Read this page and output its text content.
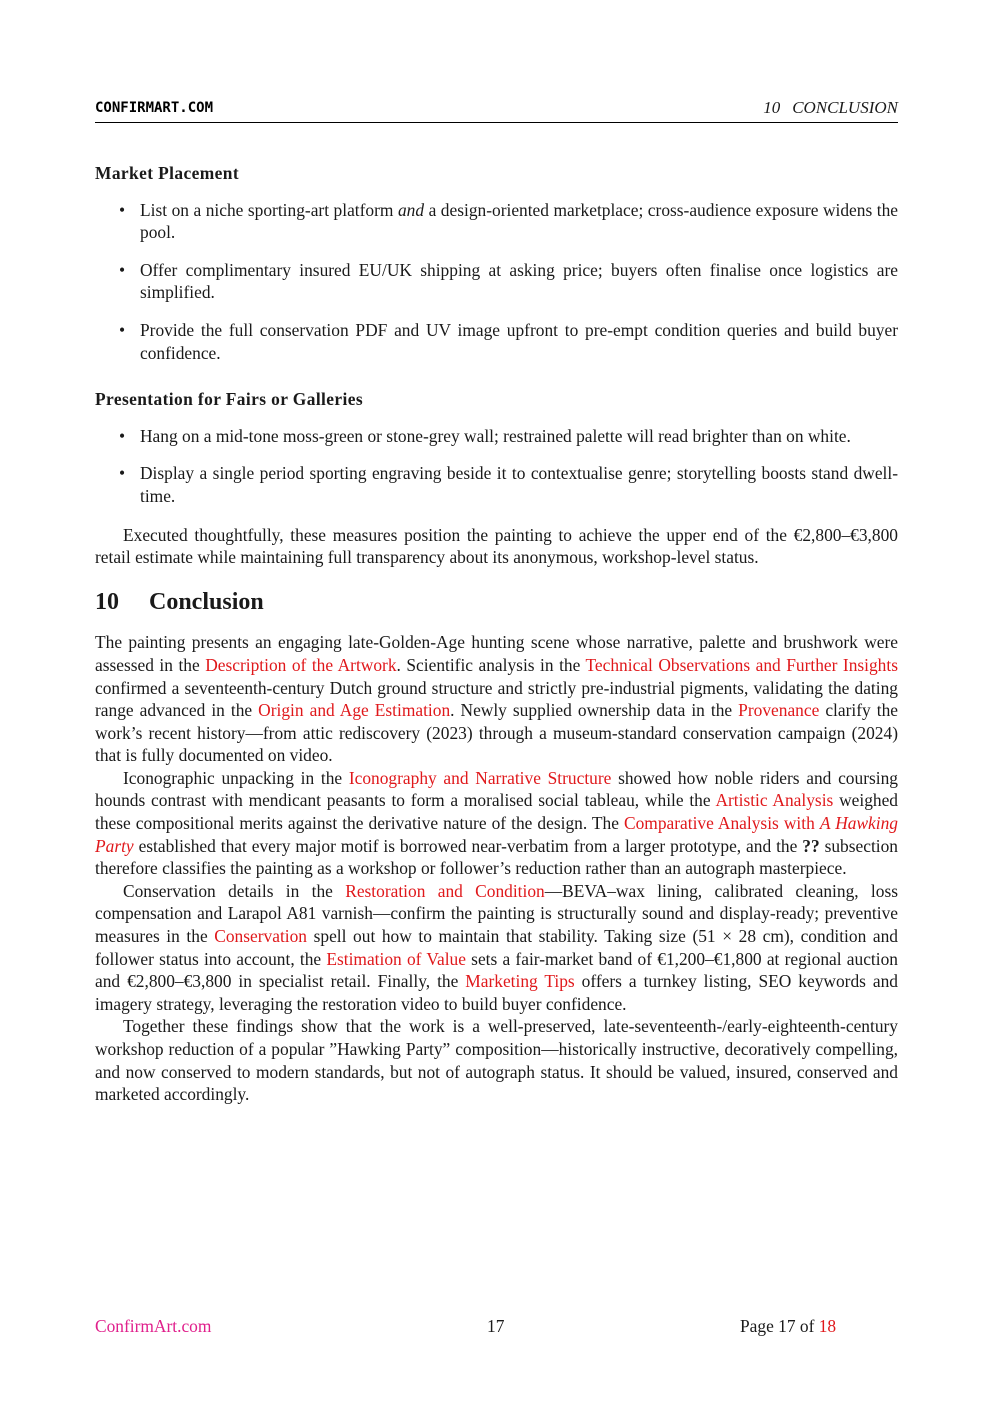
CONFIRMART.COM	10 CONCLUSION
Market Placement
• List on a niche sporting-art platform and a design-oriented marketplace; cross-audience exposure widens the pool.
• Offer complimentary insured EU/UK shipping at asking price; buyers often finalise once logistics are simplified.
• Provide the full conservation PDF and UV image upfront to pre-empt condition queries and build buyer confidence.
Presentation for Fairs or Galleries
• Hang on a mid-tone moss-green or stone-grey wall; restrained palette will read brighter than on white.
• Display a single period sporting engraving beside it to contextualise genre; storytelling boosts stand dwell-time.

Executed thoughtfully, these measures position the painting to achieve the upper end of the €2,800–€3,800 retail estimate while maintaining full transparency about its anonymous, workshop-level status.

10 Conclusion

The painting presents an engaging late-Golden-Age hunting scene whose narrative, palette and brushwork were assessed in the Description of the Artwork. Scientific analysis in the Technical Observations and Further Insights confirmed a seventeenth-century Dutch ground structure and strictly pre-industrial pigments, validating the dating range advanced in the Origin and Age Estimation. Newly supplied ownership data in the Provenance clarify the work’s recent history—from attic rediscovery (2023) through a museum-standard conservation campaign (2024) that is fully documented on video.

Iconographic unpacking in the Iconography and Narrative Structure showed how noble riders and coursing hounds contrast with mendicant peasants to form a moralised social tableau, while the Artistic Analysis weighed these compositional merits against the derivative nature of the design. The Comparative Analysis with A Hawking Party established that every major motif is borrowed near-verbatim from a larger prototype, and the ?? subsection therefore classifies the painting as a workshop or follower’s reduction rather than an autograph masterpiece.

Conservation details in the Restoration and Condition—BEVA–wax lining, calibrated cleaning, loss compensation and Larapol A81 varnish—confirm the painting is structurally sound and display-ready; preventive measures in the Conservation spell out how to maintain that stability. Taking size (51 × 28 cm), condition and follower status into account, the Estimation of Value sets a fair-market band of €1,200–€1,800 at regional auction and €2,800–€3,800 in specialist retail. Finally, the Marketing Tips offers a turnkey listing, SEO keywords and imagery strategy, leveraging the restoration video to build buyer confidence.

Together these findings show that the work is a well-preserved, late-seventeenth-/early-eighteenth-century workshop reduction of a popular ”Hawking Party” composition—historically instructive, decoratively compelling, and now conserved to modern standards, but not of autograph status. It should be valued, insured, conserved and marketed accordingly.

ConfirmArt.com	17	Page 17 of 18
